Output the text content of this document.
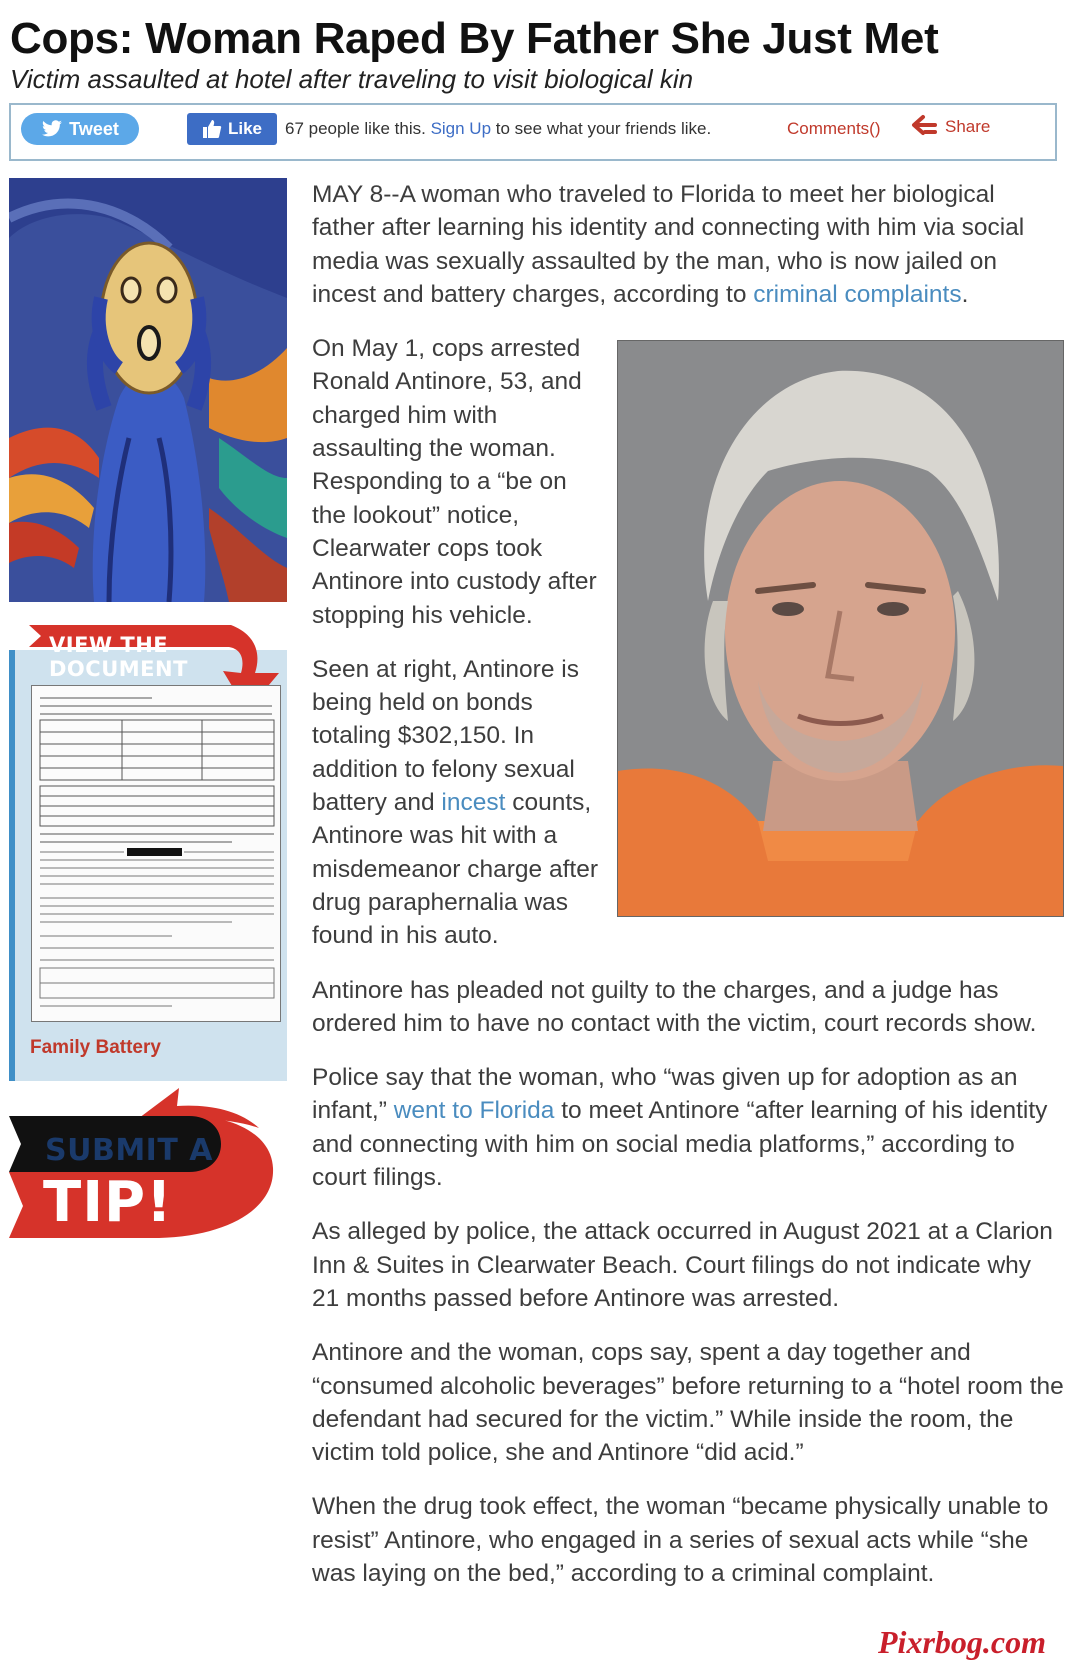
Cops: Woman Raped By Father She Just Met

Victim assaulted at hotel after traveling to visit biological kin

Tweet	Like 67 people like this. Sign Up to see what your friends like.	Comments()	Share
VIEW THE DOCUMENT
Family Battery
SUBMIT A
TIP!

MAY 8--A woman who traveled to Florida to meet her biological father after learning his identity and connecting with him via social media was sexually assaulted by the man, who is now jailed on incest and battery charges, according to criminal complaints.

On May 1, cops arrested Ronald Antinore, 53, and charged him with assaulting the woman. Responding to a “be on the lookout” notice, Clearwater cops took Antinore into custody after stopping his vehicle.

Seen at right, Antinore is being held on bonds totaling $302,150. In addition to felony sexual battery and incest counts, Antinore was hit with a misdemeanor charge after drug paraphernalia was found in his auto.

Antinore has pleaded not guilty to the charges, and a judge has ordered him to have no contact with the victim, court records show.

Police say that the woman, who “was given up for adoption as an infant,” went to Florida to meet Antinore “after learning of his identity and connecting with him on social media platforms,” according to court filings.

As alleged by police, the attack occurred in August 2021 at a Clarion Inn & Suites in Clearwater Beach. Court filings do not indicate why 21 months passed before Antinore was arrested.

Antinore and the woman, cops say, spent a day together and “consumed alcoholic beverages” before returning to a “hotel room the defendant had secured for the victim.” While inside the room, the victim told police, she and Antinore “did acid.”

When the drug took effect, the woman “became physically unable to resist” Antinore, who engaged in a series of sexual acts while “she was laying on the bed,” according to a criminal complaint.

Pixrbog.com
